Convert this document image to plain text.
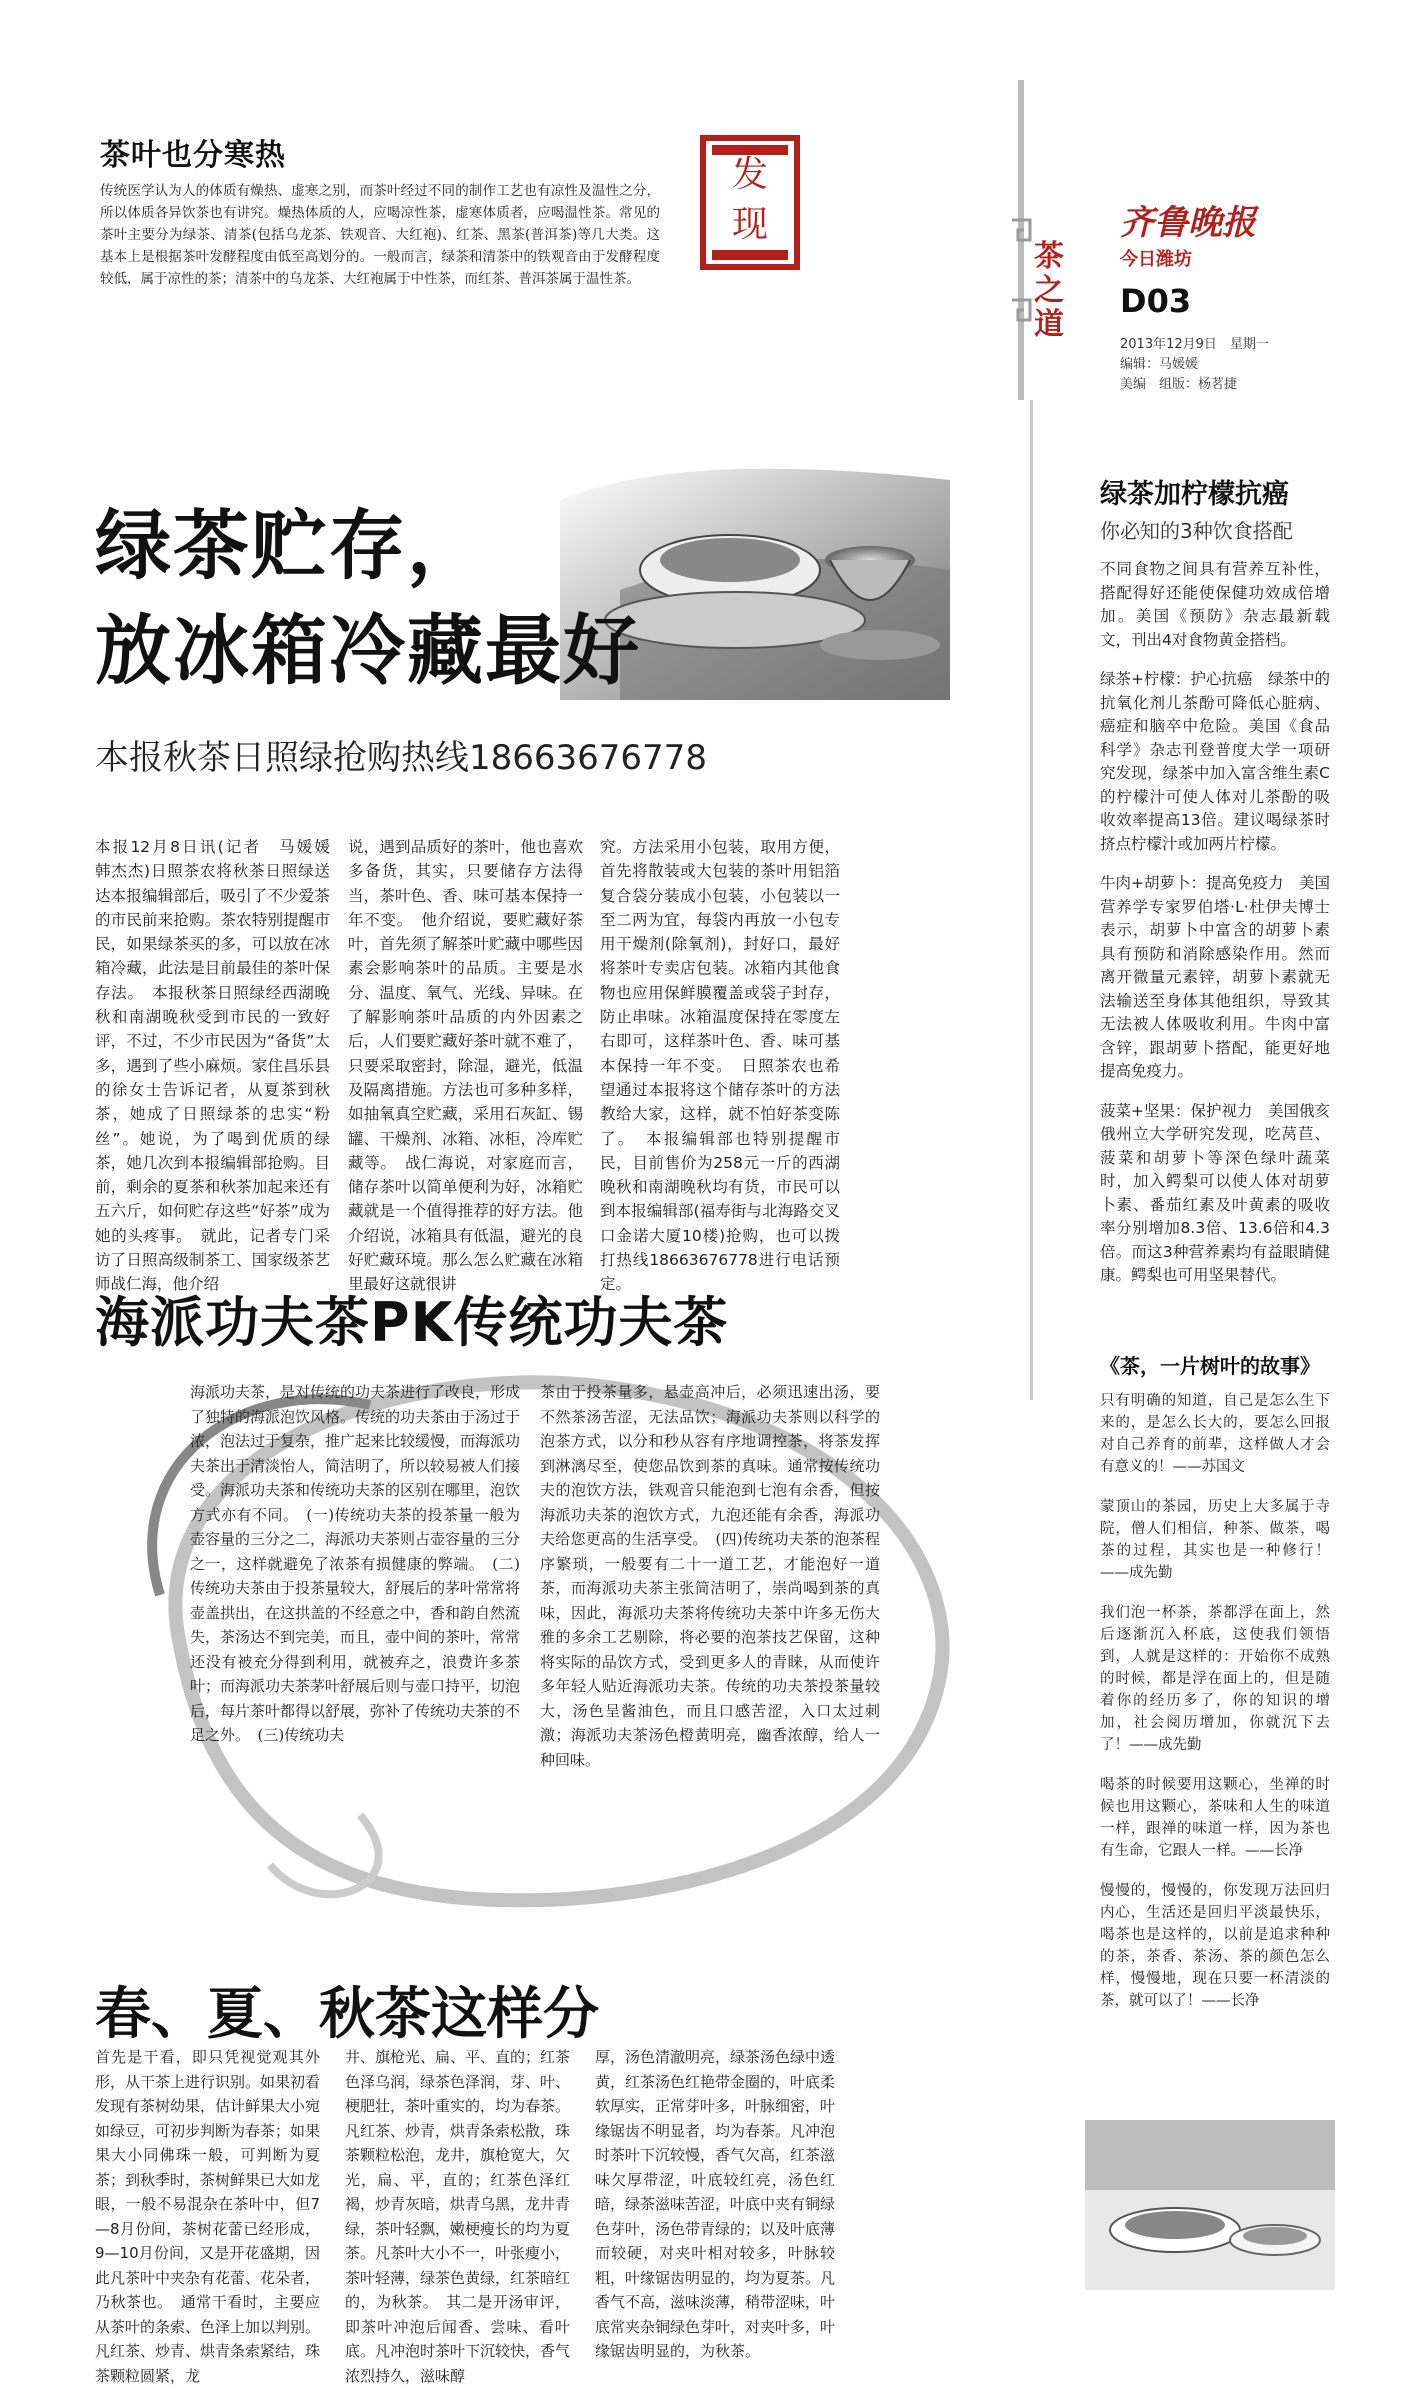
茶叶也分寒热
传统医学认为人的体质有燥热、虚寒之别，而茶叶经过不同的制作工艺也有凉性及温性之分，所以体质各异饮茶也有讲究。燥热体质的人，应喝凉性茶，虚寒体质者，应喝温性茶。常见的茶叶主要分为绿茶、清茶(包括乌龙茶、铁观音、大红袍)、红茶、黑茶(普洱茶)等几大类。这基本上是根据茶叶发酵程度由低至高划分的。一般而言，绿茶和清茶中的铁观音由于发酵程度较低，属于凉性的茶；清茶中的乌龙茶、大红袍属于中性茶，而红茶、普洱茶属于温性茶。
发现
茶之道
齐鲁晚报
今日潍坊
D03
2013年12月9日　星期一
编辑：马媛媛
美编　组版：杨茗捷
绿茶贮存，
放冰箱冷藏最好
本报秋茶日照绿抢购热线18663676778
本报12月8日讯(记者　马媛媛　韩杰杰)日照茶农将秋茶日照绿送达本报编辑部后，吸引了不少爱茶的市民前来抢购。茶农特别提醒市民，如果绿茶买的多，可以放在冰箱冷藏，此法是目前最佳的茶叶保存法。　本报秋茶日照绿经西湖晚秋和南湖晚秋受到市民的一致好评，不过，不少市民因为“备货”太多，遇到了些小麻烦。家住昌乐县的徐女士告诉记者，从夏茶到秋茶，她成了日照绿茶的忠实“粉丝”。她说，为了喝到优质的绿茶，她几次到本报编辑部抢购。目前，剩余的夏茶和秋茶加起来还有五六斤，如何贮存这些“好茶”成为她的头疼事。　就此，记者专门采访了日照高级制茶工、国家级茶艺师战仁海，他介绍
说，遇到品质好的茶叶，他也喜欢多备货，其实，只要储存方法得当，茶叶色、香、味可基本保持一年不变。　他介绍说，要贮藏好茶叶，首先须了解茶叶贮藏中哪些因素会影响茶叶的品质。主要是水分、温度、氧气、光线、异味。在了解影响茶叶品质的内外因素之后，人们要贮藏好茶叶就不难了，只要采取密封，除湿，避光，低温及隔离措施。方法也可多种多样，如抽氧真空贮藏，采用石灰缸、锡罐、干燥剂、冰箱、冰柜，冷库贮藏等。　战仁海说，对家庭而言，储存茶叶以简单便利为好，冰箱贮藏就是一个值得推荐的好方法。他介绍说，冰箱具有低温，避光的良好贮藏环境。那么怎么贮藏在冰箱里最好这就很讲
究。方法采用小包装，取用方便，首先将散装或大包装的茶叶用铝箔复合袋分装成小包装，小包装以一至二两为宜，每袋内再放一小包专用干燥剂(除氧剂)，封好口，最好将茶叶专卖店包装。冰箱内其他食物也应用保鲜膜覆盖或袋子封存，防止串味。冰箱温度保持在零度左右即可，这样茶叶色、香、味可基本保持一年不变。　日照茶农也希望通过本报将这个储存茶叶的方法教给大家，这样，就不怕好茶变陈了。　本报编辑部也特别提醒市民，目前售价为258元一斤的西湖晚秋和南湖晚秋均有货，市民可以到本报编辑部(福寿街与北海路交叉口金诺大厦10楼)抢购，也可以拨打热线18663676778进行电话预定。
绿茶加柠檬抗癌
你必知的3种饮食搭配

不同食物之间具有营养互补性，搭配得好还能使保健功效成倍增加。美国《预防》杂志最新载文，刊出4对食物黄金搭档。

绿茶+柠檬：护心抗癌　绿茶中的抗氧化剂儿茶酚可降低心脏病、癌症和脑卒中危险。美国《食品科学》杂志刊登普度大学一项研究发现，绿茶中加入富含维生素C的柠檬汁可使人体对儿茶酚的吸收效率提高13倍。建议喝绿茶时挤点柠檬汁或加两片柠檬。

牛肉+胡萝卜：提高免疫力　美国营养学专家罗伯塔·L·杜伊夫博士表示，胡萝卜中富含的胡萝卜素具有预防和消除感染作用。然而离开微量元素锌，胡萝卜素就无法输送至身体其他组织，导致其无法被人体吸收利用。牛肉中富含锌，跟胡萝卜搭配，能更好地提高免疫力。

菠菜+坚果：保护视力　美国俄亥俄州立大学研究发现，吃莴苣、菠菜和胡萝卜等深色绿叶蔬菜时，加入鳄梨可以使人体对胡萝卜素、番茄红素及叶黄素的吸收率分别增加8.3倍、13.6倍和4.3倍。而这3种营养素均有益眼睛健康。鳄梨也可用坚果替代。

海派功夫茶PK传统功夫茶
海派功夫茶，是对传统的功夫茶进行了改良，形成了独特的海派泡饮风格。传统的功夫茶由于汤过于浓，泡法过于复杂，推广起来比较缓慢，而海派功夫茶出于清淡怡人，简洁明了，所以较易被人们接受。海派功夫茶和传统功夫茶的区别在哪里，泡饮方式亦有不同。　(一)传统功夫茶的投茶量一般为壶容量的三分之二，海派功夫茶则占壶容量的三分之一，这样就避免了浓茶有损健康的弊端。　(二)传统功夫茶由于投茶量较大，舒展后的茅叶常常将壶盖拱出，在这拱盖的不经意之中，香和韵自然流失，茶汤达不到完美，而且，壶中间的茶叶，常常还没有被充分得到利用，就被弃之，浪费许多茶叶；而海派功夫茶茅叶舒展后则与壶口持平，切泡后，每片茶叶都得以舒展，弥补了传统功夫茶的不足之外。　(三)传统功夫
茶由于投茶量多，悬壶高冲后，必须迅速出汤，要不然茶汤苦涩，无法品饮；海派功夫茶则以科学的泡茶方式，以分和秒从容有序地调控茶，将茶发挥到淋漓尽至，使您品饮到茶的真味。通常按传统功夫的泡饮方法，铁观音只能泡到七泡有余香，但按海派功夫茶的泡饮方式，九泡还能有余香，海派功夫给您更高的生活享受。　(四)传统功夫茶的泡茶程序繁琐，一般要有二十一道工艺，才能泡好一道茶，而海派功夫茶主张简洁明了，崇尚喝到茶的真味，因此，海派功夫茶将传统功夫茶中许多无伤大雅的多余工艺剔除，将必要的泡茶技艺保留，这种将实际的品饮方式，受到更多人的青睐，从而使许多年轻人贴近海派功夫茶。传统的功夫茶投茶量较大，汤色呈酱油色，而且口感苦涩，入口太过刺激；海派功夫茶汤色橙黄明亮，幽香浓醇，给人一种回味。
《茶，一片树叶的故事》

只有明确的知道，自己是怎么生下来的，是怎么长大的，要怎么回报对自己养育的前辈，这样做人才会有意义的！——苏国文

蒙顶山的茶园，历史上大多属于寺院，僧人们相信，种茶、做茶，喝茶的过程，其实也是一种修行！——成先勤

我们泡一杯茶，茶都浮在面上，然后逐渐沉入杯底，这使我们领悟到，人就是这样的：开始你不成熟的时候，都是浮在面上的，但是随着你的经历多了，你的知识的增加，社会阅历增加，你就沉下去了！——成先勤

喝茶的时候要用这颗心，坐禅的时候也用这颗心，茶味和人生的味道一样，跟禅的味道一样，因为茶也有生命，它跟人一样。——长净

慢慢的，慢慢的，你发现万法回归内心，生活还是回归平淡最快乐，喝茶也是这样的，以前是追求种种的茶，茶香、茶汤、茶的颜色怎么样，慢慢地，现在只要一杯清淡的茶，就可以了！——长净

春、夏、秋茶这样分
首先是干看，即只凭视觉观其外形，从干茶上进行识别。如果初看发现有茶树幼果，估计鲜果大小宛如绿豆，可初步判断为春茶；如果果大小同佛珠一般，可判断为夏茶；到秋季时，茶树鲜果已大如龙眼，一般不易混杂在茶叶中，但7—8月份间，茶树花蕾已经形成，9—10月份间，又是开花盛期，因此凡茶叶中夹杂有花蕾、花朵者，乃秋茶也。　通常干看时，主要应从茶叶的条索、色泽上加以判别。凡红茶、炒青、烘青条索紧结，珠茶颗粒圆紧，龙
井、旗枪光、扁、平、直的；红茶色泽乌润，绿茶色泽润，芽、叶、梗肥壮，茶叶重实的，均为春茶。凡红茶、炒青，烘青条索松散，珠茶颗粒松泡，龙井，旗枪宽大，欠光，扁、平，直的；红茶色泽红褐，炒青灰暗，烘青乌黑，龙井青绿，茶叶轻飘，嫩梗瘦长的均为夏茶。凡茶叶大小不一，叶张瘦小，茶叶轻薄，绿茶色黄绿，红茶暗红的，为秋茶。　其二是开汤审评，即茶叶冲泡后闻香、尝味、看叶底。凡冲泡时茶叶下沉较快，香气浓烈持久，滋味醇
厚，汤色清澈明亮，绿茶汤色绿中透黄，红茶汤色红艳带金圈的，叶底柔软厚实，正常芽叶多，叶脉细密，叶缘锯齿不明显者，均为春茶。凡冲泡时茶叶下沉较慢，香气欠高，红茶滋味欠厚带涩，叶底较红亮，汤色红暗，绿茶滋味苦涩，叶底中夹有铜绿色芽叶，汤色带青绿的；以及叶底薄而较硬，对夹叶相对较多，叶脉较粗，叶缘锯齿明显的，均为夏茶。凡香气不高，滋味淡薄，稍带涩味，叶底常夹杂铜绿色芽叶，对夹叶多，叶缘锯齿明显的，为秋茶。
